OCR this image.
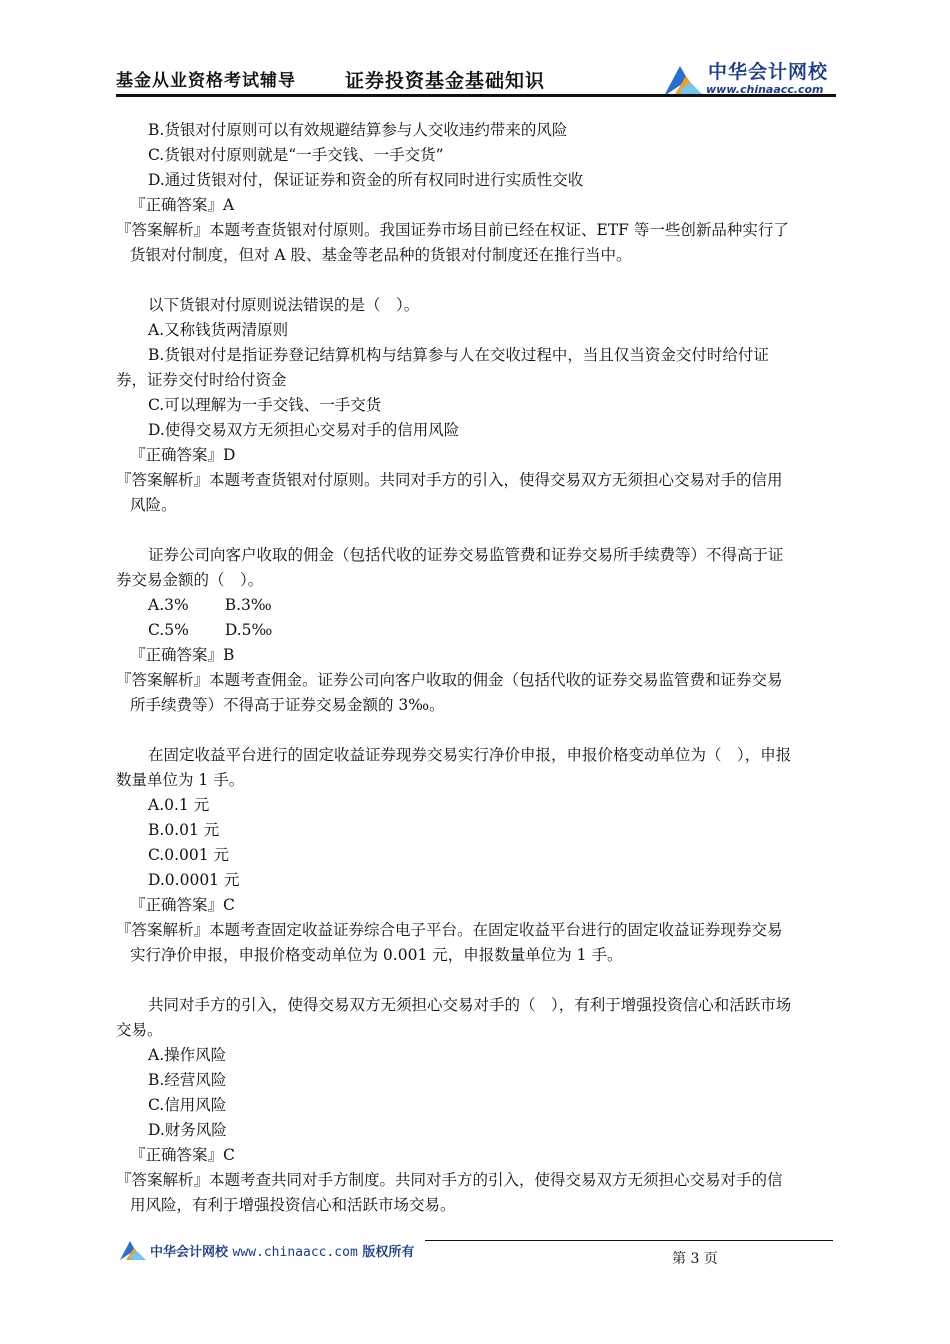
基金从业资格考试辅导	证券投资基金基础知识	中华会计网校
www.chinaacc.com
B.货银对付原则可以有效规避结算参与人交收违约带来的风险
C.货银对付原则就是“一手交钱、一手交货”
D.通过货银对付，保证证券和资金的所有权同时进行实质性交收
『正确答案』A
『答案解析』本题考查货银对付原则。我国证券市场目前已经在权证、ETF 等一些创新品种实行了
货银对付制度，但对 A 股、基金等老品种的货银对付制度还在推行当中。
以下货银对付原则说法错误的是（　）。
A.又称钱货两清原则
B.货银对付是指证券登记结算机构与结算参与人在交收过程中，当且仅当资金交付时给付证
券，证券交付时给付资金
C.可以理解为一手交钱、一手交货
D.使得交易双方无须担心交易对手的信用风险
『正确答案』D
『答案解析』本题考查货银对付原则。共同对手方的引入，使得交易双方无须担心交易对手的信用
风险。
证券公司向客户收取的佣金（包括代收的证券交易监管费和证券交易所手续费等）不得高于证
券交易金额的（　）。
A.3% B.3‰
C.5% D.5‰
『正确答案』B
『答案解析』本题考查佣金。证券公司向客户收取的佣金（包括代收的证券交易监管费和证券交易
所手续费等）不得高于证券交易金额的 3‰。
在固定收益平台进行的固定收益证券现券交易实行净价申报，申报价格变动单位为（　），申报
数量单位为 1 手。
A.0.1 元
B.0.01 元
C.0.001 元
D.0.0001 元
『正确答案』C
『答案解析』本题考查固定收益证券综合电子平台。在固定收益平台进行的固定收益证券现券交易
实行净价申报，申报价格变动单位为 0.001 元，申报数量单位为 1 手。
共同对手方的引入，使得交易双方无须担心交易对手的（　），有利于增强投资信心和活跃市场
交易。
A.操作风险
B.经营风险
C.信用风险
D.财务风险
『正确答案』C
『答案解析』本题考查共同对手方制度。共同对手方的引入，使得交易双方无须担心交易对手的信
用风险，有利于增强投资信心和活跃市场交易。
中华会计网校 www.chinaacc.com 版权所有	第 3 页
